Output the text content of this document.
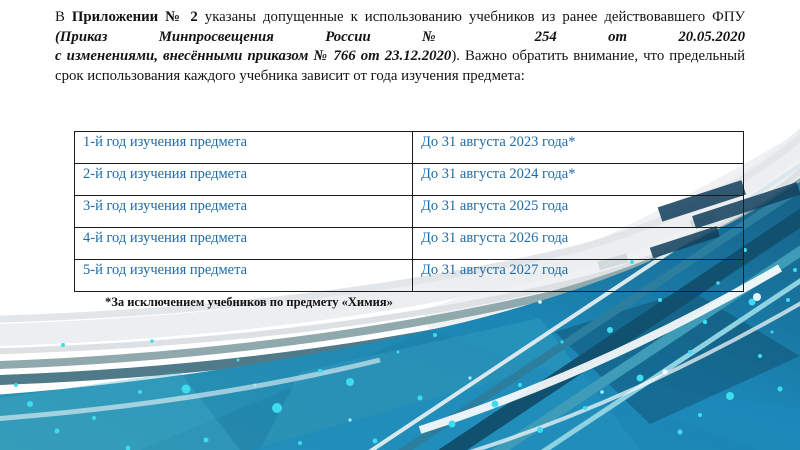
В Приложении № 2 указаны допущенные к использованию учебников из ранее действовавшего ФПУ
(Приказ Минпросвещения России № 254 от 20.05.2020
с изменениями, внесёнными приказом № 766 от 23.12.2020). Важно обратить внимание, что предельный
срок использования каждого учебника зависит от года изучения предмета:
1-й год изучения предмета	До 31 августа 2023 года*
2-й год изучения предмета	До 31 августа 2024 года*
3-й год изучения предмета	До 31 августа 2025 года
4-й год изучения предмета	До 31 августа 2026 года
5-й год изучения предмета	До 31 августа 2027 года
*За исключением учебников по предмету «Химия»
